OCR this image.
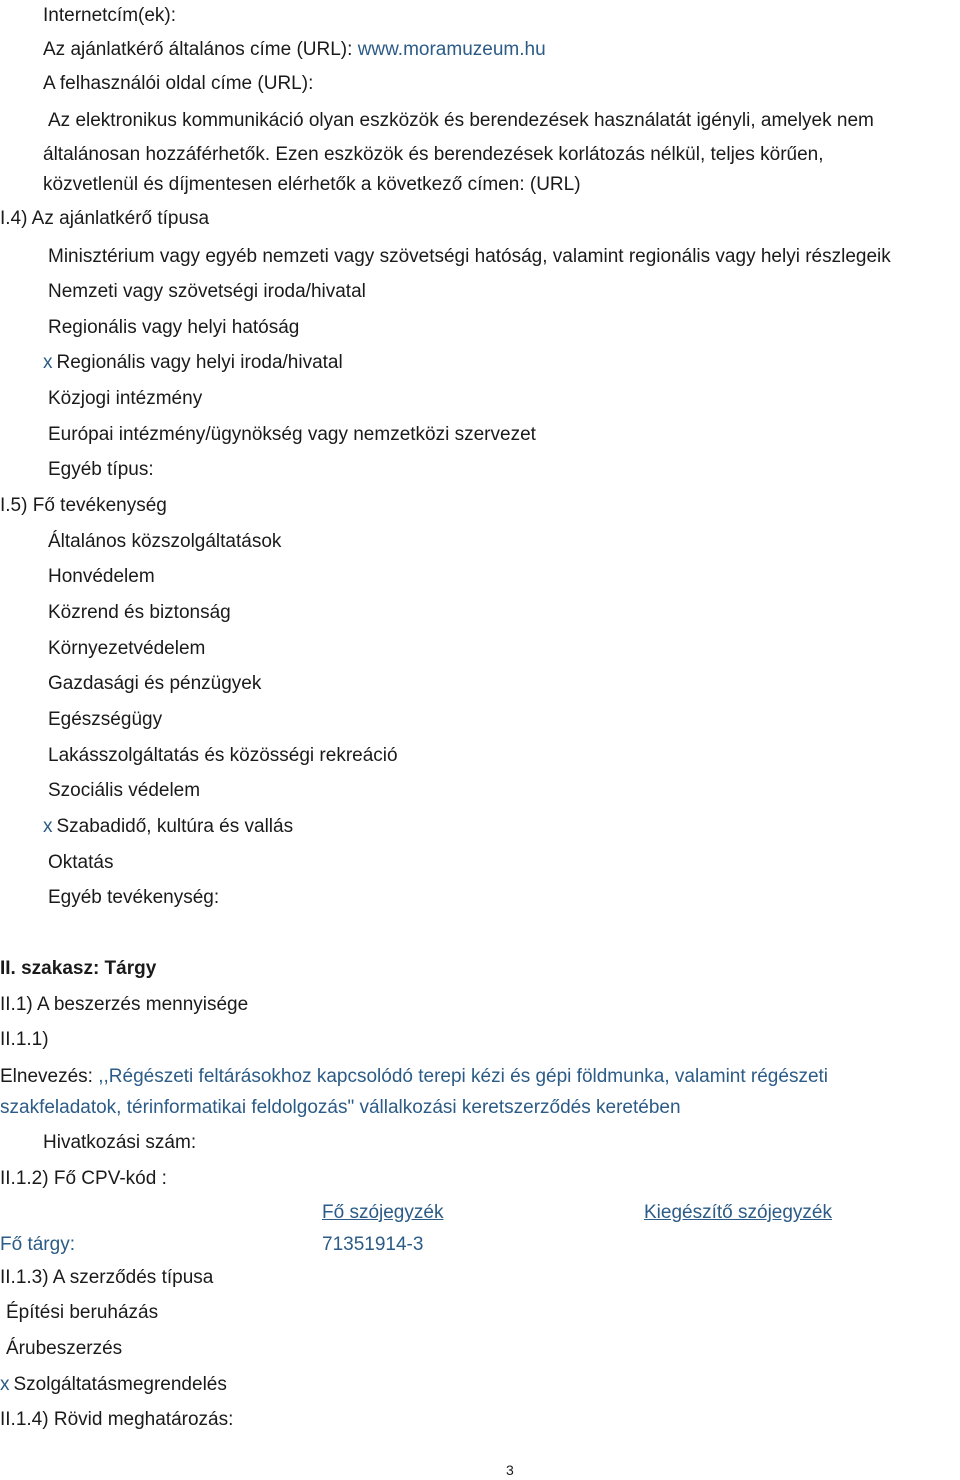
Internetcím(ek):
Az ajánlatkérő általános címe (URL): www.moramuzeum.hu
A felhasználói oldal címe (URL):
Az elektronikus kommunikáció olyan eszközök és berendezések használatát igényli, amelyek nem
általánosan hozzáférhetők. Ezen eszközök és berendezések korlátozás nélkül, teljes körűen,
közvetlenül és díjmentesen elérhetők a következő címen: (URL)
I.4) Az ajánlatkérő típusa
Minisztérium vagy egyéb nemzeti vagy szövetségi hatóság, valamint regionális vagy helyi részlegeik
Nemzeti vagy szövetségi iroda/hivatal
Regionális vagy helyi hatóság
x Regionális vagy helyi iroda/hivatal
Közjogi intézmény
Európai intézmény/ügynökség vagy nemzetközi szervezet
Egyéb típus:
I.5) Fő tevékenység
Általános közszolgáltatások
Honvédelem
Közrend és biztonság
Környezetvédelem
Gazdasági és pénzügyek
Egészségügy
Lakásszolgáltatás és közösségi rekreáció
Szociális védelem
x Szabadidő, kultúra és vallás
Oktatás
Egyéb tevékenység:
II. szakasz: Tárgy
II.1) A beszerzés mennyisége
II.1.1)
Elnevezés: ,,Régészeti feltárásokhoz kapcsolódó terepi kézi és gépi földmunka, valamint régészeti
szakfeladatok, térinformatikai feldolgozás" vállalkozási keretszerződés keretében
Hivatkozási szám:
II.1.2) Fő CPV-kód :
Fő szójegyzék	Kiegészítő szójegyzék
Fő tárgy:	71351914-3
II.1.3) A szerződés típusa
Építési beruházás
Árubeszerzés
x Szolgáltatásmegrendelés
II.1.4) Rövid meghatározás:
3
